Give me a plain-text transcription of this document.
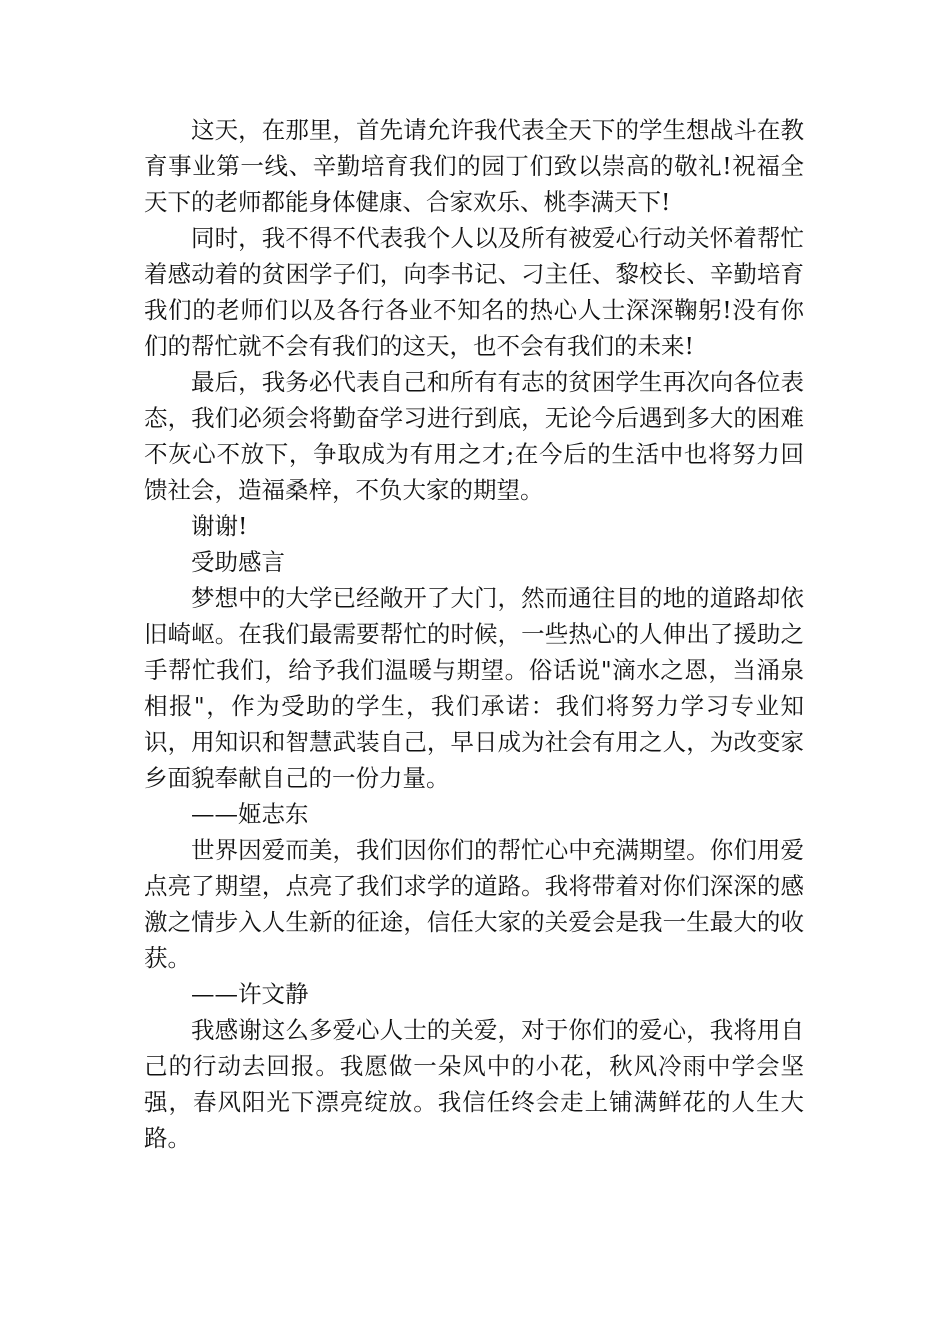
这天，在那里，首先请允许我代表全天下的学生想战斗在教育事业第一线、辛勤培育我们的园丁们致以崇高的敬礼!祝福全天下的老师都能身体健康、合家欢乐、桃李满天下!

同时，我不得不代表我个人以及所有被爱心行动关怀着帮忙着感动着的贫困学子们，向李书记、刁主任、黎校长、辛勤培育我们的老师们以及各行各业不知名的热心人士深深鞠躬!没有你们的帮忙就不会有我们的这天，也不会有我们的未来!

最后，我务必代表自己和所有有志的贫困学生再次向各位表态，我们必须会将勤奋学习进行到底，无论今后遇到多大的困难不灰心不放下，争取成为有用之才;在今后的生活中也将努力回馈社会，造福桑梓，不负大家的期望。

谢谢!

受助感言

梦想中的大学已经敞开了大门，然而通往目的地的道路却依旧崎岖。在我们最需要帮忙的时候，一些热心的人伸出了援助之手帮忙我们，给予我们温暖与期望。俗话说"滴水之恩，当涌泉相报"，作为受助的学生，我们承诺：我们将努力学习专业知识，用知识和智慧武装自己，早日成为社会有用之人，为改变家乡面貌奉献自己的一份力量。

——姬志东

世界因爱而美，我们因你们的帮忙心中充满期望。你们用爱点亮了期望，点亮了我们求学的道路。我将带着对你们深深的感激之情步入人生新的征途，信任大家的关爱会是我一生最大的收获。

——许文静

我感谢这么多爱心人士的关爱，对于你们的爱心，我将用自己的行动去回报。我愿做一朵风中的小花，秋风冷雨中学会坚强，春风阳光下漂亮绽放。我信任终会走上铺满鲜花的人生大路。
